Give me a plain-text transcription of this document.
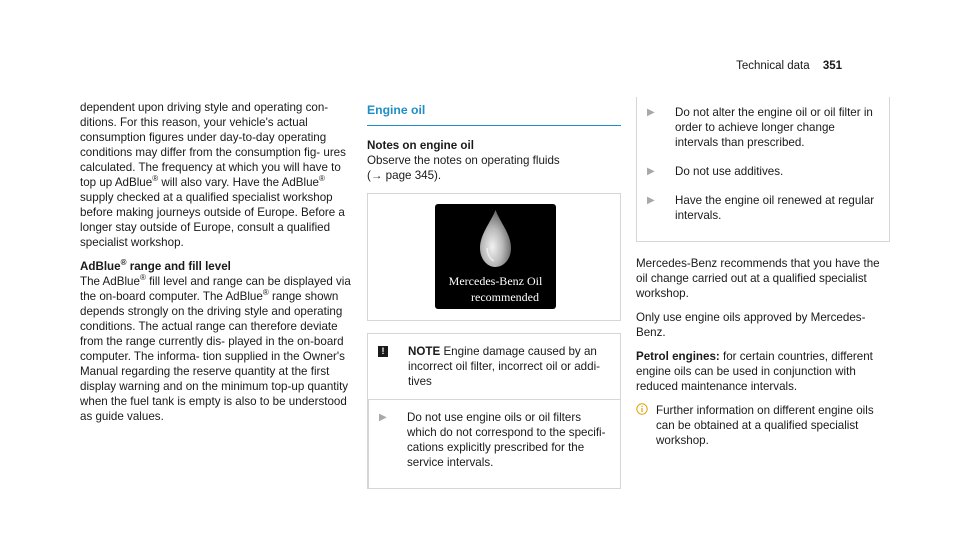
Technical data 351

dependent upon driving style and operating con- ditions. For this reason, your vehicle's actual consumption figures under day-to-day operating conditions may differ from the consumption fig- ures calculated. The frequency at which you will have to top up AdBlue® will also vary. Have the AdBlue® supply checked at a qualified specialist workshop before making journeys outside of Europe. Before a longer stay outside of Europe, consult a qualified specialist workshop.

AdBlue® range and fill level

The AdBlue® fill level and range can be displayed via the on-board computer. The AdBlue® range shown depends strongly on the driving style and operating conditions. The actual range can therefore deviate from the range currently dis- played in the on-board computer. The informa- tion supplied in the Owner's Manual regarding the reserve quantity at the first display warning and on the minimum top-up quantity when the fuel tank is empty is also to be understood as guide values.

Engine oil

Notes on engine oil

Observe the notes on operating fluids
(→ page 345).
Mercedes-Benz Oil
recommended
!	NOTE Engine damage caused by an incorrect oil filter, incorrect oil or addi- tives
▶	Do not use engine oils or oil filters which do not correspond to the specifi- cations explicitly prescribed for the service intervals.
▶	Do not alter the engine oil or oil filter in order to achieve longer change intervals than prescribed.
▶	Do not use additives.
▶	Have the engine oil renewed at regular intervals.

Mercedes-Benz recommends that you have the oil change carried out at a qualified specialist workshop.

Only use engine oils approved by Mercedes- Benz.

Petrol engines: for certain countries, different engine oils can be used in conjunction with reduced maintenance intervals.

Further information on different engine oils can be obtained at a qualified specialist workshop.
